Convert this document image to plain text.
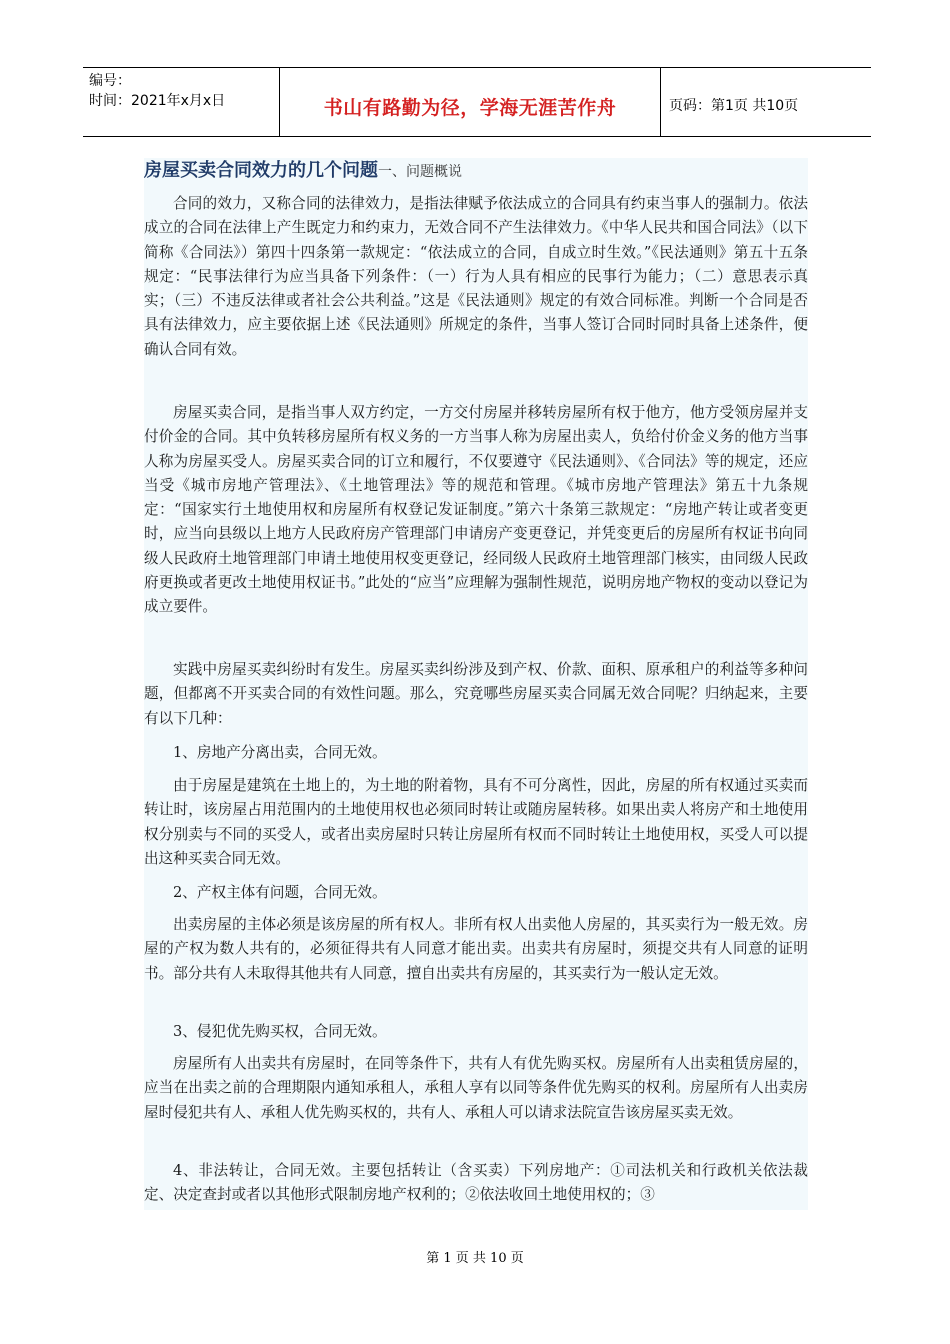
编号：
时间：2021年x月x日	书山有路勤为径，学海无涯苦作舟	页码：第1页 共10页
房屋买卖合同效力的几个问题一、问题概说

合同的效力，又称合同的法律效力，是指法律赋予依法成立的合同具有约束当事人的强制力。依法成立的合同在法律上产生既定力和约束力，无效合同不产生法律效力。《中华人民共和国合同法》（以下简称《合同法》）第四十四条第一款规定：“依法成立的合同，自成立时生效。”《民法通则》第五十五条规定：“民事法律行为应当具备下列条件：（一）行为人具有相应的民事行为能力；（二）意思表示真实；（三）不违反法律或者社会公共利益。”这是《民法通则》规定的有效合同标准。判断一个合同是否具有法律效力，应主要依据上述《民法通则》所规定的条件，当事人签订合同时同时具备上述条件，便确认合同有效。

房屋买卖合同，是指当事人双方约定，一方交付房屋并移转房屋所有权于他方，他方受领房屋并支付价金的合同。其中负转移房屋所有权义务的一方当事人称为房屋出卖人，负给付价金义务的他方当事人称为房屋买受人。房屋买卖合同的订立和履行，不仅要遵守《民法通则》、《合同法》等的规定，还应当受《城市房地产管理法》、《土地管理法》等的规范和管理。《城市房地产管理法》第五十九条规定：“国家实行土地使用权和房屋所有权登记发证制度。”第六十条第三款规定：“房地产转让或者变更时，应当向县级以上地方人民政府房产管理部门申请房产变更登记，并凭变更后的房屋所有权证书向同级人民政府土地管理部门申请土地使用权变更登记，经同级人民政府土地管理部门核实，由同级人民政府更换或者更改土地使用权证书。”此处的“应当”应理解为强制性规范，说明房地产物权的变动以登记为成立要件。

实践中房屋买卖纠纷时有发生。房屋买卖纠纷涉及到产权、价款、面积、原承租户的利益等多种问题，但都离不开买卖合同的有效性问题。那么，究竟哪些房屋买卖合同属无效合同呢？归纳起来，主要有以下几种：

1、房地产分离出卖，合同无效。

由于房屋是建筑在土地上的，为土地的附着物，具有不可分离性，因此，房屋的所有权通过买卖而转让时，该房屋占用范围内的土地使用权也必须同时转让或随房屋转移。如果出卖人将房产和土地使用权分别卖与不同的买受人，或者出卖房屋时只转让房屋所有权而不同时转让土地使用权，买受人可以提出这种买卖合同无效。

2、产权主体有问题，合同无效。

出卖房屋的主体必须是该房屋的所有权人。非所有权人出卖他人房屋的，其买卖行为一般无效。房屋的产权为数人共有的，必须征得共有人同意才能出卖。出卖共有房屋时，须提交共有人同意的证明书。部分共有人未取得其他共有人同意，擅自出卖共有房屋的，其买卖行为一般认定无效。

3、侵犯优先购买权，合同无效。

房屋所有人出卖共有房屋时，在同等条件下，共有人有优先购买权。房屋所有人出卖租赁房屋的，应当在出卖之前的合理期限内通知承租人，承租人享有以同等条件优先购买的权利。房屋所有人出卖房屋时侵犯共有人、承租人优先购买权的，共有人、承租人可以请求法院宣告该房屋买卖无效。

4、非法转让，合同无效。主要包括转让（含买卖）下列房地产：①司法机关和行政机关依法裁定、决定查封或者以其他形式限制房地产权利的；②依法收回土地使用权的；③

第 1 页 共 10 页
